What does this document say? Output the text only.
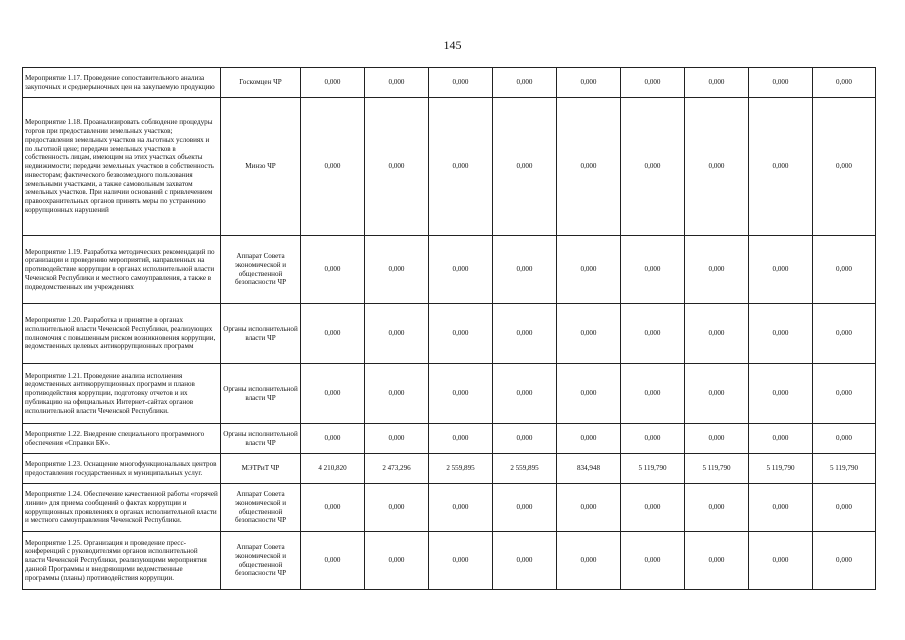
145
Мероприятие 1.17. Проведение сопоставительного анализа закупочных и среднерыночных цен на закупаемую продукцию	Госкомцен ЧР	0,000	0,000	0,000	0,000	0,000	0,000	0,000	0,000	0,000
Мероприятие 1.18. Проанализировать соблюдение процедуры торгов при предоставлении земельных участков; предоставления земельных участков на льготных условиях и по льготной цене; передачи земельных участков в собственность лицам, имеющим на этих участках объекты недвижимости; передачи земельных участков в собственность инвесторам; фактического безвозмездного пользования земельными участками, а также самовольным захватом земельных участков. При наличии оснований с привлечением правоохранительных органов принять меры по устранению коррупционных нарушений	Минзо ЧР	0,000	0,000	0,000	0,000	0,000	0,000	0,000	0,000	0,000
Мероприятие 1.19. Разработка методических рекомендаций по организации и проведению мероприятий, направленных на противодействие коррупции в органах исполнительной власти Чеченской Республики и местного самоуправления, а также в подведомственных им учреждениях	Аппарат Совета экономической и общественной безопасности ЧР	0,000	0,000	0,000	0,000	0,000	0,000	0,000	0,000	0,000
Мероприятие 1.20. Разработка и принятие в органах исполнительной власти Чеченской Республики, реализующих полномочия с повышенным риском возникновения коррупции, ведомственных целевых антикоррупционных программ	Органы исполнительной власти ЧР	0,000	0,000	0,000	0,000	0,000	0,000	0,000	0,000	0,000
Мероприятие 1.21. Проведение анализа исполнения ведомственных антикоррупционных программ и планов противодействия коррупции, подготовку отчетов и их публикацию на официальных Интернет-сайтах органов исполнительной власти Чеченской Республики.	Органы исполнительной власти ЧР	0,000	0,000	0,000	0,000	0,000	0,000	0,000	0,000	0,000
Мероприятие 1.22. Внедрение специального программного обеспечения «Справки БК».	Органы исполнительной власти ЧР	0,000	0,000	0,000	0,000	0,000	0,000	0,000	0,000	0,000
Мероприятие 1.23. Оснащение многофункциональных центров предоставления государственных и муниципальных услуг.	МЭТРиТ ЧР	4 210,820	2 473,296	2 559,895	2 559,895	834,948	5 119,790	5 119,790	5 119,790	5 119,790
Мероприятие 1.24. Обеспечение качественной работы «горячей линии» для приема сообщений о фактах коррупции и коррупционных проявлениях в органах исполнительной власти и местного самоуправления Чеченской Республики.	Аппарат Совета экономической и общественной безопасности ЧР	0,000	0,000	0,000	0,000	0,000	0,000	0,000	0,000	0,000
Мероприятие 1.25. Организация и проведение пресс-конференций с руководителями органов исполнительной власти Чеченской Республики, реализующими мероприятия данной Программы и внедряющими ведомственные программы (планы) противодействия коррупции.	Аппарат Совета экономической и общественной безопасности ЧР	0,000	0,000	0,000	0,000	0,000	0,000	0,000	0,000	0,000
